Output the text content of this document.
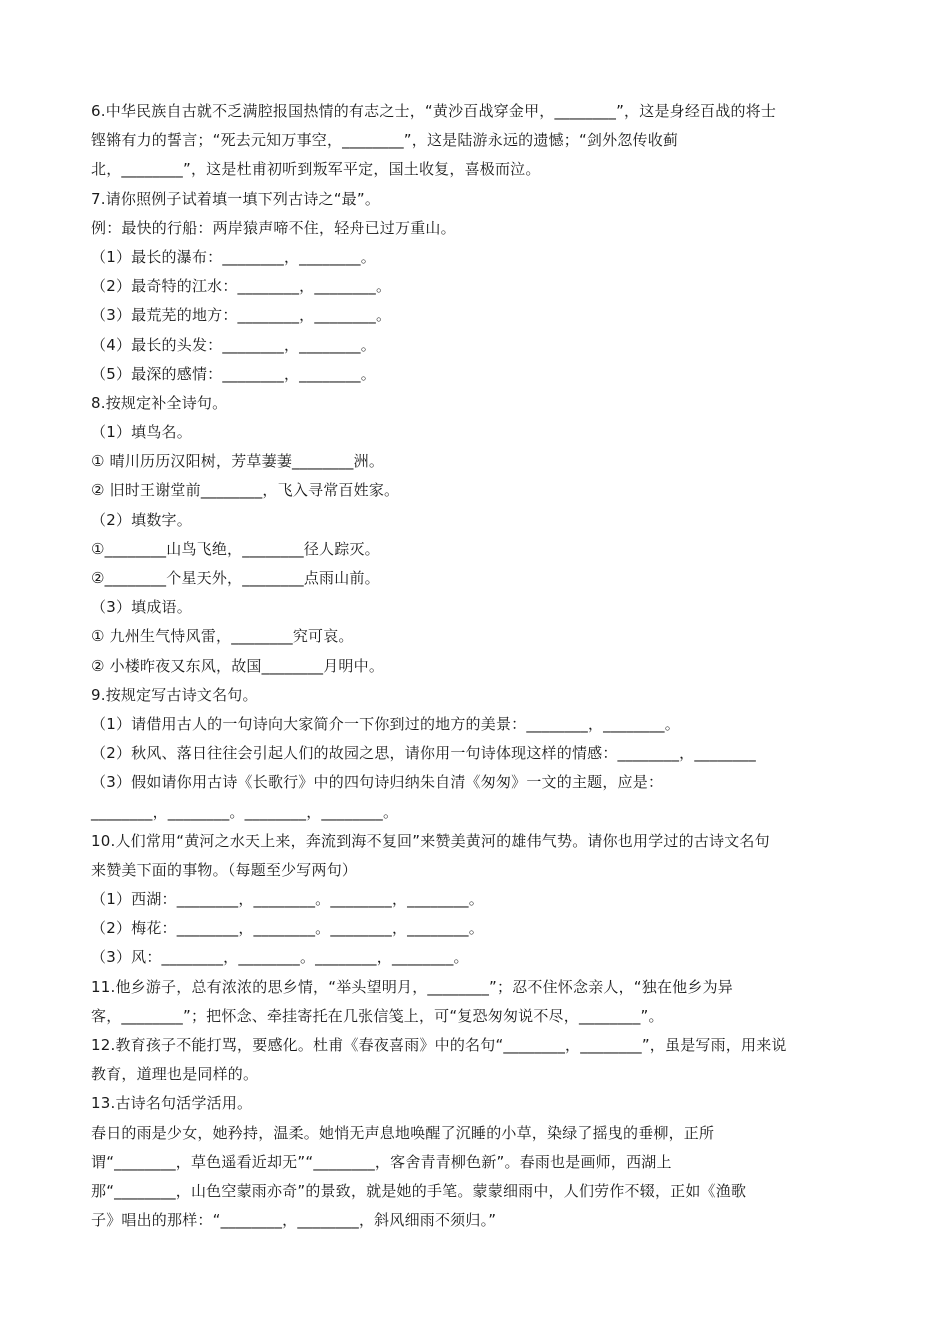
6.中华民族自古就不乏满腔报国热情的有志之士，“黄沙百战穿金甲，________”，这是身经百战的将士
铿锵有力的誓言；“死去元知万事空，________”，这是陆游永远的遗憾；“剑外忽传收蓟
北，________”，这是杜甫初听到叛军平定，国土收复，喜极而泣。
7.请你照例子试着填一填下列古诗之“最”。
例：最快的行船：两岸猿声啼不住，轻舟已过万重山。
（1）最长的瀑布：________，________。
（2）最奇特的江水：________，________。
（3）最荒芜的地方：________，________。
（4）最长的头发：________，________。
（5）最深的感情：________，________。
8.按规定补全诗句。
（1）填鸟名。
① 晴川历历汉阳树，芳草萋萋________洲。
② 旧时王谢堂前________，飞入寻常百姓家。
（2）填数字。
①________山鸟飞绝，________径人踪灭。
②________个星天外，________点雨山前。
（3）填成语。
① 九州生气恃风雷，________究可哀。
② 小楼昨夜又东风，故国________月明中。
9.按规定写古诗文名句。
（1）请借用古人的一句诗向大家简介一下你到过的地方的美景：________，________。
（2）秋风、落日往往会引起人们的故园之思，请你用一句诗体现这样的情感：________，________
（3）假如请你用古诗《长歌行》中的四句诗归纳朱自清《匆匆》一文的主题，应是：
________，________。________，________。
10.人们常用“黄河之水天上来，奔流到海不复回”来赞美黄河的雄伟气势。请你也用学过的古诗文名句
来赞美下面的事物。（每题至少写两句）
（1）西湖：________，________。________，________。
（2）梅花：________，________。________，________。
（3）风：________，________。________，________。
11.他乡游子，总有浓浓的思乡情，“举头望明月，________”；忍不住怀念亲人，“独在他乡为异
客，________”；把怀念、牵挂寄托在几张信笺上，可“复恐匆匆说不尽，________”。
12.教育孩子不能打骂，要感化。杜甫《春夜喜雨》中的名句“________，________”，虽是写雨，用来说
教育，道理也是同样的。
13.古诗名句活学活用。
春日的雨是少女，她矜持，温柔。她悄无声息地唤醒了沉睡的小草，染绿了摇曳的垂柳，正所
谓“________，草色遥看近却无”“________，客舍青青柳色新”。春雨也是画师，西湖上
那“________，山色空蒙雨亦奇”的景致，就是她的手笔。蒙蒙细雨中，人们劳作不辍，正如《渔歌
子》唱出的那样：“________，________，斜风细雨不须归。”
